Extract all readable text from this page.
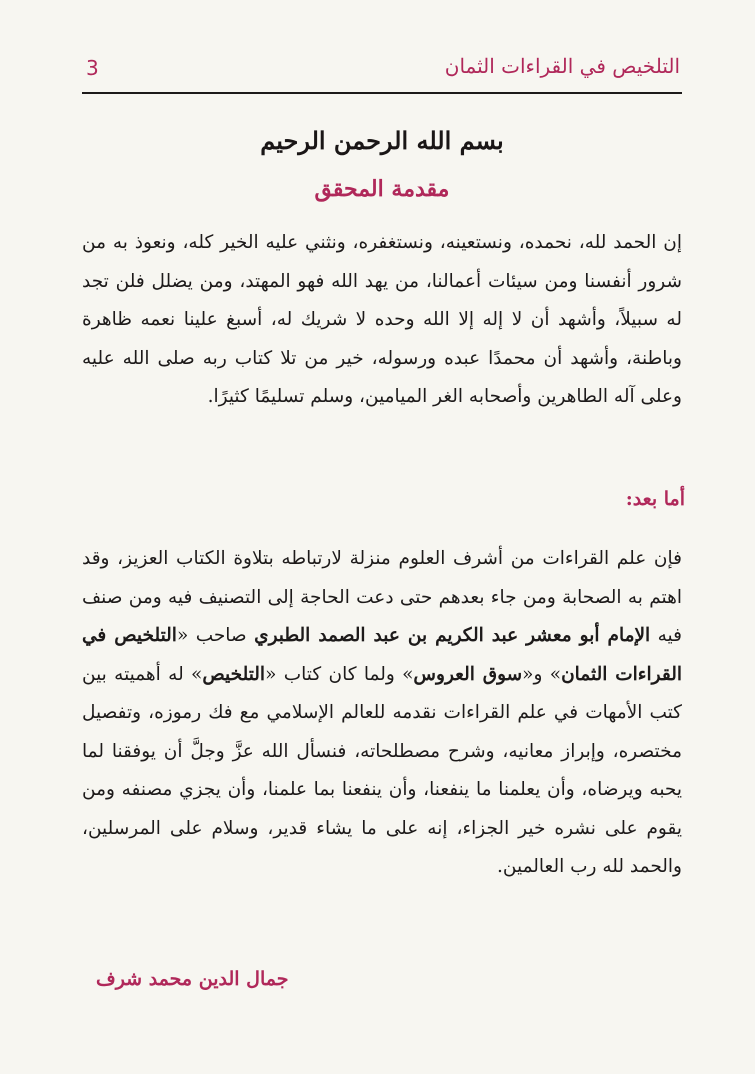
3	التلخيص في القراءات الثمان
بسم الله الرحمن الرحيم
مقدمة المحقق
إن الحمد لله، نحمده، ونستعينه، ونستغفره، ونثني عليه الخير كله، ونعوذ به من شرور أنفسنا ومن سيئات أعمالنا، من يهد الله فهو المهتد، ومن يضلل فلن تجد له سبيلاً، وأشهد أن لا إله إلا الله وحده لا شريك له، أسبغ علينا نعمه ظاهرة وباطنة، وأشهد أن محمدًا عبده ورسوله، خير من تلا كتاب ربه صلى الله عليه وعلى آله الطاهرين وأصحابه الغر الميامين، وسلم تسليمًا كثيرًا.
أما بعد:
فإن علم القراءات من أشرف العلوم منزلة لارتباطه بتلاوة الكتاب العزيز، وقد اهتم به الصحابة ومن جاء بعدهم حتى دعت الحاجة إلى التصنيف فيه ومن صنف فيه الإمام أبو معشر عبد الكريم بن عبد الصمد الطبري صاحب «التلخيص في القراءات الثمان» و«سوق العروس» ولما كان كتاب «التلخيص» له أهميته بين كتب الأمهات في علم القراءات نقدمه للعالم الإسلامي مع فك رموزه، وتفصيل مختصره، وإبراز معانيه، وشرح مصطلحاته، فنسأل الله عزَّ وجلَّ أن يوفقنا لما يحبه ويرضاه، وأن يعلمنا ما ينفعنا، وأن ينفعنا بما علمنا، وأن يجزي مصنفه ومن يقوم على نشره خير الجزاء، إنه على ما يشاء قدير، وسلام على المرسلين، والحمد لله رب العالمين.
جمال الدين محمد شرف
